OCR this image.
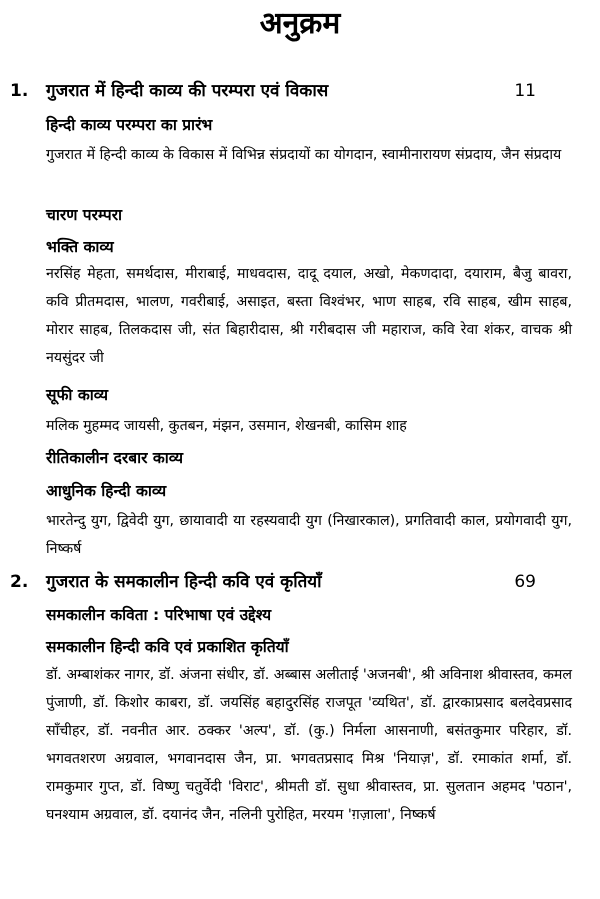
अनुक्रम
1. गुजरात में हिन्दी काव्य की परम्परा एवं विकास	11
हिन्दी काव्य परम्परा का प्रारंभ

गुजरात में हिन्दी काव्य के विकास में विभिन्न संप्रदायों का योगदान, स्वामीनारायण संप्रदाय, जैन संप्रदाय

चारण परम्परा
भक्ति काव्य

नरसिंह मेहता, समर्थदास, मीराबाई, माधवदास, दादू दयाल, अखो, मेकणदादा, दयाराम, बैजु बावरा, कवि प्रीतमदास, भालण, गवरीबाई, असाइत, बस्ता विश्वंभर, भाण साहब, रवि साहब, खीम साहब, मोरार साहब, तिलकदास जी, संत बिहारीदास, श्री गरीबदास जी महाराज, कवि रेवा शंकर, वाचक श्री नयसुंदर जी

सूफी काव्य

मलिक मुहम्मद जायसी, कुतबन, मंझन, उसमान, शेखनबी, कासिम शाह

रीतिकालीन दरबार काव्य
आधुनिक हिन्दी काव्य

भारतेन्दु युग, द्विवेदी युग, छायावादी या रहस्यवादी युग (निखारकाल), प्रगतिवादी काल, प्रयोगवादी युग, निष्कर्ष

2. गुजरात के समकालीन हिन्दी कवि एवं कृतियाँ	69
समकालीन कविता : परिभाषा एवं उद्देश्य
समकालीन हिन्दी कवि एवं प्रकाशित कृतियाँ

डॉ. अम्बाशंकर नागर, डॉ. अंजना संधीर, डॉ. अब्बास अलीताई 'अजनबी', श्री अविनाश श्रीवास्तव, कमल पुंजाणी, डॉ. किशोर काबरा, डॉ. जयसिंह बहादुरसिंह राजपूत 'व्यथित', डॉ. द्वारकाप्रसाद बलदेवप्रसाद साँचीहर, डॉ. नवनीत आर. ठक्कर 'अल्प', डॉ. (कु.) निर्मला आसनाणी, बसंतकुमार परिहार, डॉ. भगवतशरण अग्रवाल, भगवानदास जैन, प्रा. भगवतप्रसाद मिश्र 'नियाज़', डॉ. रमाकांत शर्मा, डॉ. रामकुमार गुप्त, डॉ. विष्णु चतुर्वेदी 'विराट', श्रीमती डॉ. सुधा श्रीवास्तव, प्रा. सुलतान अहमद 'पठान', घनश्याम अग्रवाल, डॉ. दयानंद जैन, नलिनी पुरोहित, मरयम 'ग़ज़ाला', निष्कर्ष
